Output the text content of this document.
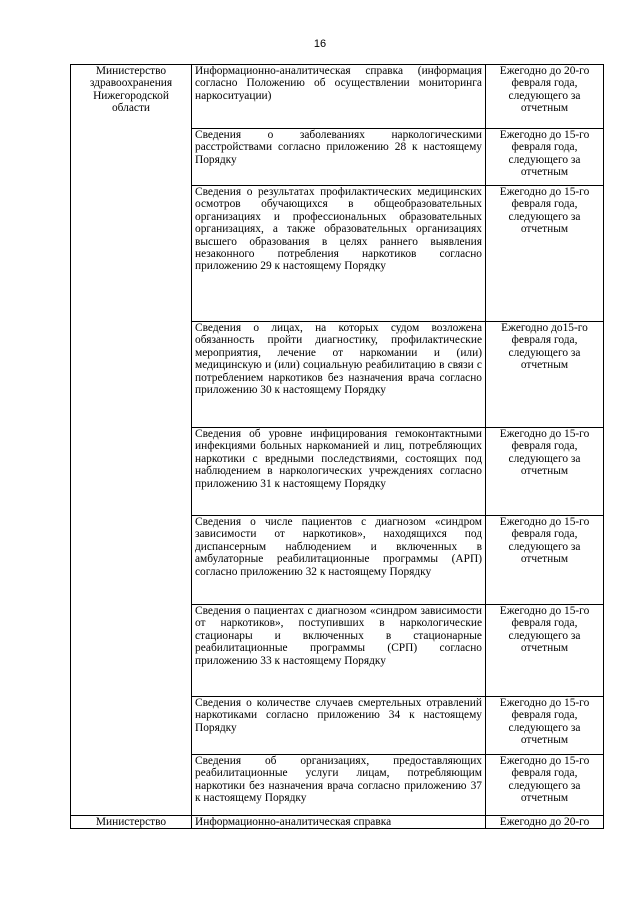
16
Министерство здравоохранения Нижегородской области	Информационно-аналитическая справка (информация согласно Положению об осуществлении мониторинга наркоситуации)	Ежегодно до 20-го февраля года, следующего за отчетным

	Сведения о заболеваниях наркологическими расстройствами согласно приложению 28 к настоящему Порядку	Ежегодно до 15-го февраля года, следующего за отчетным

	Сведения о результатах профилактических медицинских осмотров обучающихся в общеобразовательных организациях и профессиональных образовательных организациях, а также образовательных организациях высшего образования в целях раннего выявления незаконного потребления наркотиков согласно приложению 29 к настоящему Порядку	Ежегодно до 15-го февраля года, следующего за отчетным

	Сведения о лицах, на которых судом возложена обязанность пройти диагностику, профилактические мероприятия, лечение от наркомании и (или) медицинскую и (или) социальную реабилитацию в связи с потреблением наркотиков без назначения врача согласно приложению 30 к настоящему Порядку	Ежегодно до15-го февраля года, следующего за отчетным

	Сведения об уровне инфицирования гемоконтактными инфекциями больных наркоманией и лиц, потребляющих наркотики с вредными последствиями, состоящих под наблюдением в наркологических учреждениях согласно приложению 31 к настоящему Порядку	Ежегодно до 15-го февраля года, следующего за отчетным

	Сведения о числе пациентов с диагнозом «синдром зависимости от наркотиков», находящихся под диспансерным наблюдением и включенных в амбулаторные реабилитационные программы (АРП) согласно приложению 32 к настоящему Порядку	Ежегодно до 15-го февраля года, следующего за отчетным

	Сведения о пациентах с диагнозом «синдром зависимости от наркотиков», поступивших в наркологические стационары и включенных в стационарные реабилитационные программы (СРП) согласно приложению 33 к настоящему Порядку	Ежегодно до 15-го февраля года, следующего за отчетным

	Сведения о количестве случаев смертельных отравлений наркотиками согласно приложению 34 к настоящему Порядку	Ежегодно до 15-го февраля года, следующего за отчетным

	Сведения об организациях, предоставляющих реабилитационные услуги лицам, потребляющим наркотики без назначения врача согласно приложению 37 к настоящему Порядку	Ежегодно до 15-го февраля года, следующего за отчетным

Министерство	Информационно-аналитическая справка	Ежегодно до 20-го
